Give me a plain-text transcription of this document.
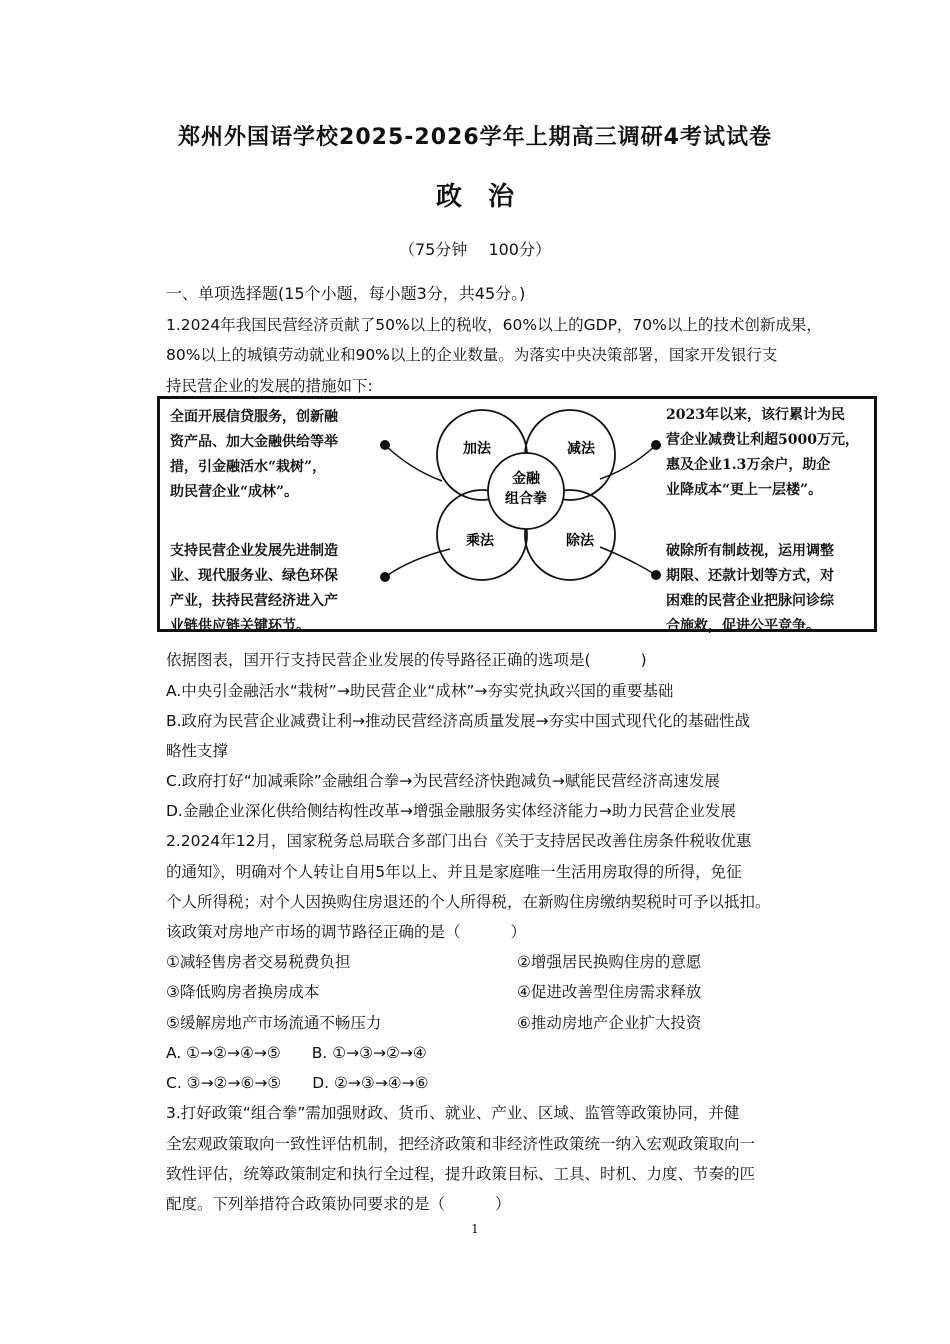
郑州外国语学校2025-2026学年上期高三调研4考试试卷
政　治
（75分钟　 100分）
一、单项选择题(15个小题，每小题3分，共45分。)
1.2024年我国民营经济贡献了50%以上的税收，60%以上的GDP，70%以上的技术创新成果，
80%以上的城镇劳动就业和90%以上的企业数量。为落实中央决策部署，国家开发银行支
持民营企业的发展的措施如下:
加法	减法
乘法	除法
金融
组合拳
全面开展信贷服务，创新融
资产品、加大金融供给等举
措，引金融活水“栽树”，
助民营企业“成林”。
2023年以来，该行累计为民
营企业减费让利超5000万元，
惠及企业1.3万余户，助企
业降成本“更上一层楼”。
支持民营企业发展先进制造
业、现代服务业、绿色环保
产业，扶持民营经济进入产
业链供应链关键环节。
破除所有制歧视，运用调整
期限、还款计划等方式，对
困难的民营企业把脉问诊综
合施救，促进公平竞争。
依据图表，国开行支持民营企业发展的传导路径正确的选项是(	)
A.中央引金融活水“栽树”→助民营企业“成林”→夯实党执政兴国的重要基础
B.政府为民营企业减费让利→推动民营经济高质量发展→夯实中国式现代化的基础性战
略性支撑
C.政府打好“加减乘除”金融组合拳→为民营经济快跑减负→赋能民营经济高速发展
D.金融企业深化供给侧结构性改革→增强金融服务实体经济能力→助力民营企业发展
2.2024年12月，国家税务总局联合多部门出台《关于支持居民改善住房条件税收优惠
的通知》，明确对个人转让自用5年以上、并且是家庭唯一生活用房取得的所得，免征
个人所得税；对个人因换购住房退还的个人所得税，在新购住房缴纳契税时可予以抵扣。
该政策对房地产市场的调节路径正确的是（	）
①减轻售房者交易税费负担	②增强居民换购住房的意愿
③降低购房者换房成本	④促进改善型住房需求释放
⑤缓解房地产市场流通不畅压力	⑥推动房地产企业扩大投资
A. ①→②→④→⑤　　B. ①→③→②→④
C. ③→②→⑥→⑤　　D. ②→③→④→⑥
3.打好政策“组合拳”需加强财政、货币、就业、产业、区域、监管等政策协同，并健
全宏观政策取向一致性评估机制，把经济政策和非经济性政策统一纳入宏观政策取向一
致性评估，统筹政策制定和执行全过程，提升政策目标、工具、时机、力度、节奏的匹
配度。下列举措符合政策协同要求的是（	）
1
